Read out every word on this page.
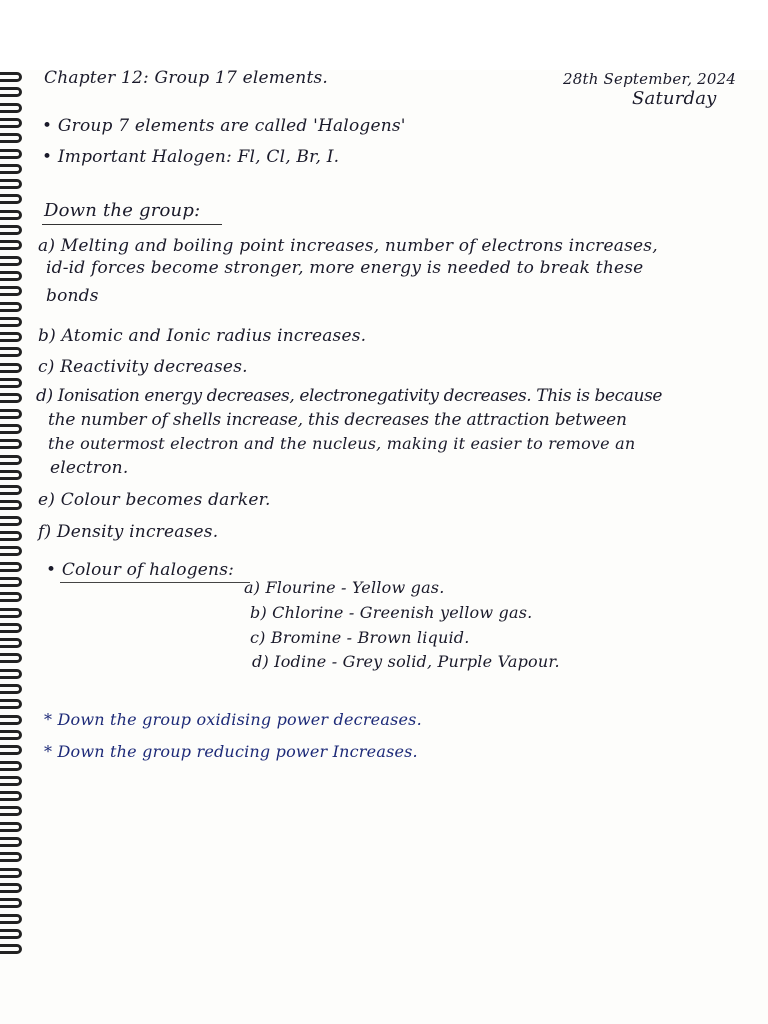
Chapter 12: Group 17 elements.	28th September, 2024
Saturday
• Group 7 elements are called 'Halogens'
• Important Halogen: Fl, Cl, Br, I.
Down the group:
a) Melting and boiling point increases, number of electrons increases,
id-id forces become stronger, more energy is needed to break these
bonds
b) Atomic and Ionic radius increases.
c) Reactivity decreases.
d) Ionisation energy decreases, electronegativity decreases. This is because
the number of shells increase, this decreases the attraction between
the outermost electron and the nucleus, making it easier to remove an
electron.
e) Colour becomes darker.
f) Density increases.
• Colour of halogens:
a) Flourine - Yellow gas.
b) Chlorine - Greenish yellow gas.
c) Bromine - Brown liquid.
d) Iodine - Grey solid, Purple Vapour.
* Down the group oxidising power decreases.
* Down the group reducing power Increases.
